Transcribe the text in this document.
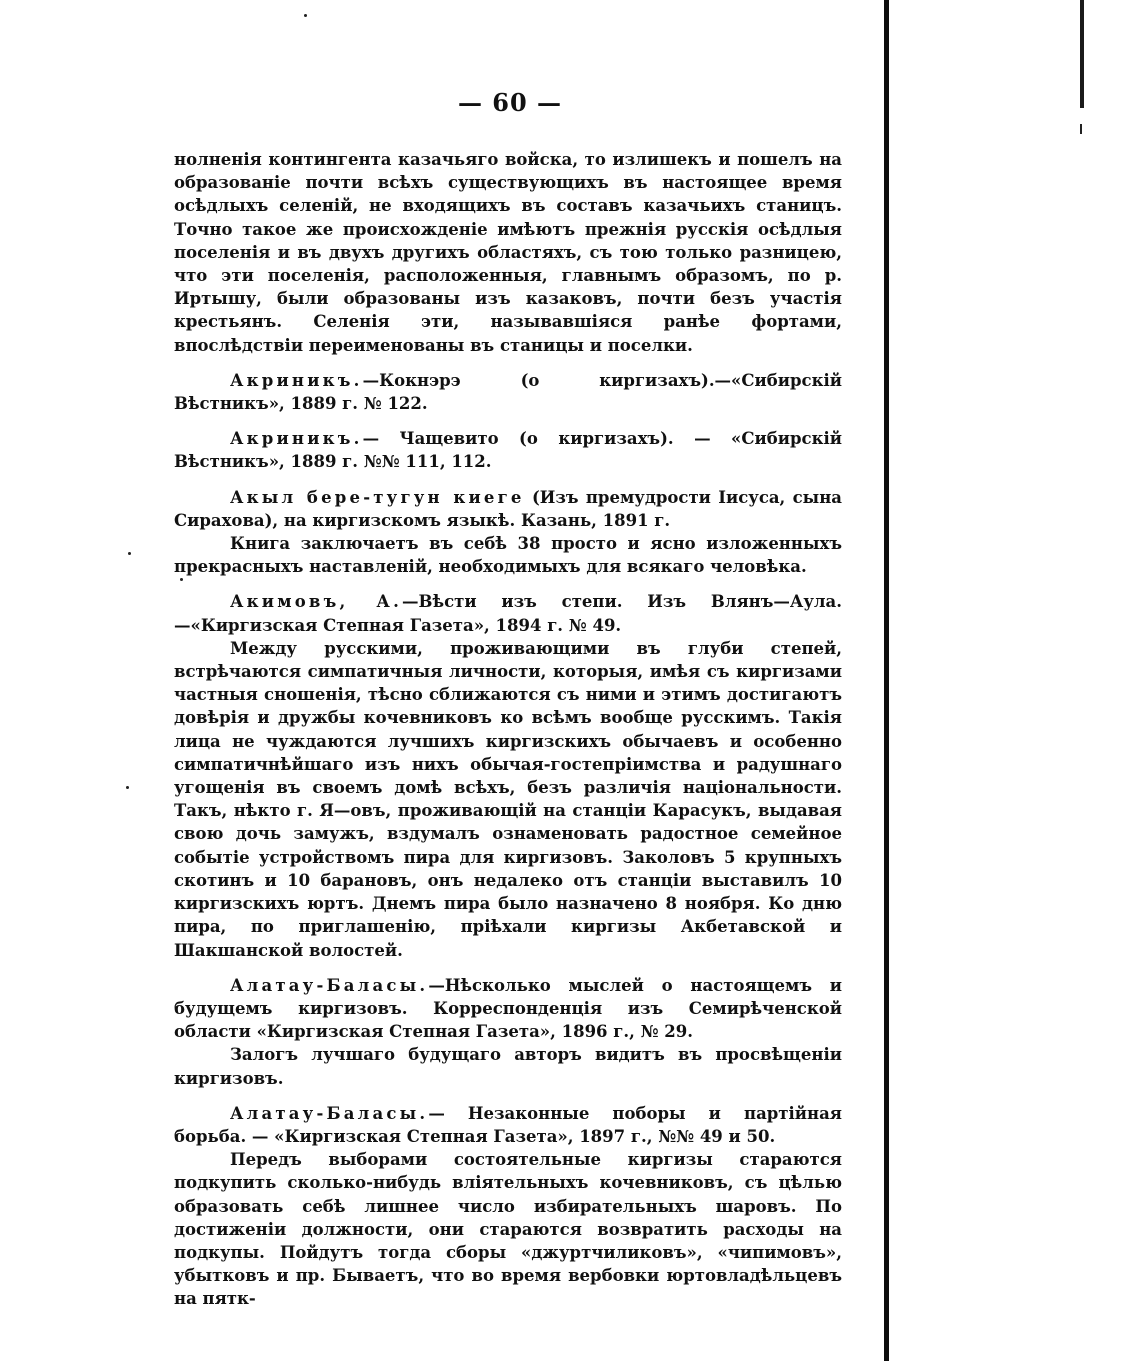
— 60 —

нолненія контингента казачьяго войска, то излишекъ и пошелъ на образованіе почти всѣхъ существующихъ въ настоящее время осѣдлыхъ селеній, не входящихъ въ составъ казачьихъ станицъ. Точно такое же происхожденіе имѣютъ прежнія русскія осѣдлыя поселенія и въ двухъ другихъ областяхъ, съ тою только разницею, что эти поселенія, расположенныя, главнымъ образомъ, по р. Иртышу, были образованы изъ казаковъ, почти безъ участія крестьянъ. Селенія эти, называвшіяся ранѣе фортами, впослѣдствіи переименованы въ станицы и поселки.

Акриникъ.—Кокнэрэ (о киргизахъ).—«Сибирскій Вѣстникъ», 1889 г. № 122.

Акриникъ.— Чащевито (о киргизахъ). — «Сибирскій Вѣстникъ», 1889 г. №№ 111, 112.

Акыл бере-тугун киеге (Изъ премудрости Іисуса, сына Сирахова), на киргизскомъ языкѣ. Казань, 1891 г.

Книга заключаетъ въ себѣ 38 просто и ясно изложенныхъ прекрасныхъ наставленій, необходимыхъ для всякаго человѣка.

Акимовъ, А.—Вѣсти изъ степи. Изъ Влянъ—Аула.—«Киргизская Степная Газета», 1894 г. № 49.

Между русскими, проживающими въ глуби степей, встрѣчаются симпатичныя личности, которыя, имѣя съ киргизами частныя сношенія, тѣсно сближаются съ ними и этимъ достигаютъ довѣрія и дружбы кочевниковъ ко всѣмъ вообще русскимъ. Такія лица не чуждаются лучшихъ киргизскихъ обычаевъ и особенно симпатичнѣйшаго изъ нихъ обычая-гостепріимства и радушнаго угощенія въ своемъ домѣ всѣхъ, безъ различія національности. Такъ, нѣкто г. Я—овъ, проживающій на станціи Карасукъ, выдавая свою дочь замужъ, вздумалъ ознаменовать радостное семейное событіе устройствомъ пира для киргизовъ. Заколовъ 5 крупныхъ скотинъ и 10 барановъ, онъ недалеко отъ станціи выставилъ 10 киргизскихъ юртъ. Днемъ пира было назначено 8 ноября. Ко дню пира, по приглашенію, пріѣхали киргизы Акбетавской и Шакшанской волостей.

Алатау-Баласы.—Нѣсколько мыслей о настоящемъ и будущемъ киргизовъ. Корреспонденція изъ Семирѣченской области «Киргизская Степная Газета», 1896 г., № 29.

Залогъ лучшаго будущаго авторъ видитъ въ просвѣщеніи киргизовъ.

Алатау-Баласы.— Незаконные поборы и партійная борьба. — «Киргизская Степная Газета», 1897 г., №№ 49 и 50.

Передъ выборами состоятельные киргизы стараются подкупить сколько-нибудь вліятельныхъ кочевниковъ, съ цѣлью образовать себѣ лишнее число избирательныхъ шаровъ. По достиженіи должности, они стараются возвратить расходы на подкупы. Пойдутъ тогда сборы «джуртчиликовъ», «чипимовъ», убытковъ и пр. Бываетъ, что во время вербовки юртовладѣльцевъ на пятк-
